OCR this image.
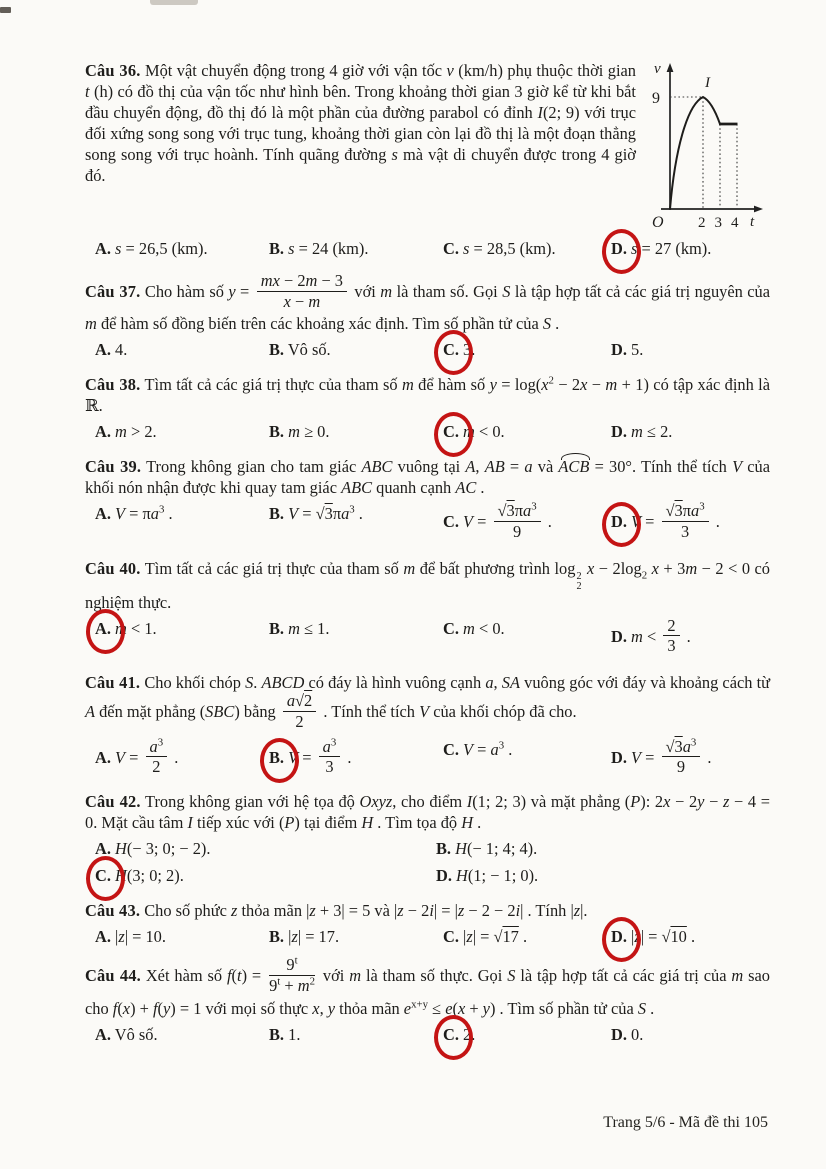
v
9
I
O 2 3 4 t

Câu 36. Một vật chuyển động trong 4 giờ với vận tốc v (km/h) phụ thuộc thời gian t (h) có đồ thị của vận tốc như hình bên. Trong khoảng thời gian 3 giờ kể từ khi bắt đầu chuyển động, đồ thị đó là một phần của đường parabol có đỉnh I(2; 9) với trục đối xứng song song với trục tung, khoảng thời gian còn lại đồ thị là một đoạn thẳng song song với trục hoành. Tính quãng đường s mà vật di chuyển được trong 4 giờ đó.

A. s = 26,5 (km).	B. s = 24 (km).	C. s = 28,5 (km).	D. s = 27 (km).

Câu 37. Cho hàm số $y = \frac{mx - 2m - 3}{x - m}$ với m là tham số. Gọi S là tập hợp tất cả các giá trị nguyên của m để hàm số đồng biến trên các khoảng xác định. Tìm số phần tử của S .

A. 4.	B. Vô số.	C. 3.	D. 5.

Câu 38. Tìm tất cả các giá trị thực của tham số m để hàm số $y = \log(x^2 - 2x - m + 1)$ có tập xác định là ℝ.

A. m > 2.	B. m ≥ 0.	C. m < 0.	D. m ≤ 2.

Câu 39. Trong không gian cho tam giác ABC vuông tại A, AB = a và ACB = 30°. Tính thể tích V của khối nón nhận được khi quay tam giác ABC quanh cạnh AC .

A. $V = \pi a^3$ .	B. $V = √3\pi a^3$ .	C. $V = \frac{√3\pi a^3}{9}$ .	D. $V = \frac{√3\pi a^3}{3}$ .

Câu 40. Tìm tất cả các giá trị thực của tham số m để bất phương trình log 2
2
$x - 2\log_2$ x + 3m − 2 < 0 có nghiệm thực.

A. m < 1.	B. m ≤ 1.	C. m < 0.	D. $m < \frac{2}{3}$ .

Câu 41. Cho khối chóp S. ABCD có đáy là hình vuông cạnh a, SA vuông góc với đáy và khoảng cách từ A đến mặt phẳng (SBC) bằng $\frac{a√2}{2}$ . Tính thể tích V của khối chóp đã cho.

A. $V = \frac{a^3}{2}$ .	B. $V = \frac{a^3}{3}$ .	C. $V = a^3$ .	D. $V = \frac{√3a^3}{9}$ .

Câu 42. Trong không gian với hệ tọa độ Oxyz, cho điểm I(1; 2; 3) và mặt phẳng (P): 2x − 2y − z − 4 = 0. Mặt cầu tâm I tiếp xúc với (P) tại điểm H . Tìm tọa độ H .

A. H(− 3; 0; − 2).	B. H(− 1; 4; 4).
C. H(3; 0; 2).	D. H(1; − 1; 0).

Câu 43. Cho số phức z thỏa mãn |z + 3| = 5 và |z − 2i| = |z − 2 − 2i| . Tính |z|.

A. |z| = 10.	B. |z| = 17.	C. |z| = √17 .	D. |z| = √10 .

Câu 44. Xét hàm số $f(t) = \frac{9^t}{9^t + m^2}$ với m là tham số thực. Gọi S là tập hợp tất cả các giá trị của m sao cho f(x) + f(y) = 1 với mọi số thực x, y thỏa mãn $e^{x+y} \le e(x + y)$ . Tìm số phần tử của S .

A. Vô số.	B. 1.	C. 2.	D. 0.
Trang 5/6 - Mã đề thi 105
